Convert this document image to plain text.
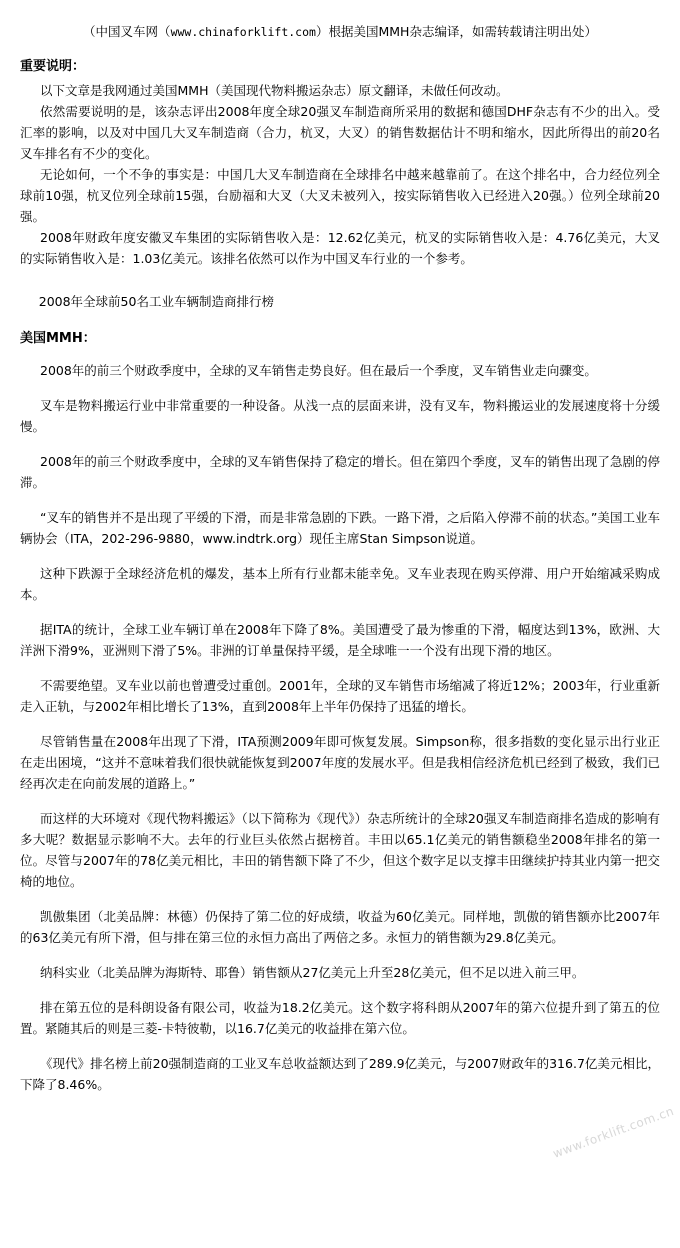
（中国叉车网（www.chinaforklift.com）根据美国MMH杂志编译，如需转载请注明出处）
重要说明：

以下文章是我网通过美国MMH（美国现代物料搬运杂志）原文翻译，未做任何改动。

依然需要说明的是，该杂志评出2008年度全球20强叉车制造商所采用的数据和德国DHF杂志有不少的出入。受汇率的影响，以及对中国几大叉车制造商（合力，杭叉，大叉）的销售数据估计不明和缩水，因此所得出的前20名叉车排名有不少的变化。

无论如何，一个不争的事实是：中国几大叉车制造商在全球排名中越来越靠前了。在这个排名中，合力经位列全球前10强，杭叉位列全球前15强，台励福和大叉（大叉未被列入，按实际销售收入已经进入20强。）位列全球前20强。

2008年财政年度安徽叉车集团的实际销售收入是：12.62亿美元，杭叉的实际销售收入是：4.76亿美元，大叉的实际销售收入是：1.03亿美元。该排名依然可以作为中国叉车行业的一个参考。

2008年全球前50名工业车辆制造商排行榜

美国MMH：

2008年的前三个财政季度中，全球的叉车销售走势良好。但在最后一个季度，叉车销售业走向骤变。

叉车是物料搬运行业中非常重要的一种设备。从浅一点的层面来讲，没有叉车，物料搬运业的发展速度将十分缓慢。

2008年的前三个财政季度中，全球的叉车销售保持了稳定的增长。但在第四个季度，叉车的销售出现了急剧的停滞。

“叉车的销售并不是出现了平缓的下滑，而是非常急剧的下跌。一路下滑，之后陷入停滞不前的状态。”美国工业车辆协会（ITA，202-296-9880，www.indtrk.org）现任主席Stan Simpson说道。

这种下跌源于全球经济危机的爆发，基本上所有行业都未能幸免。叉车业表现在购买停滞、用户开始缩减采购成本。

据ITA的统计，全球工业车辆订单在2008年下降了8%。美国遭受了最为惨重的下滑，幅度达到13%，欧洲、大洋洲下滑9%，亚洲则下滑了5%。非洲的订单量保持平缓，是全球唯一一个没有出现下滑的地区。

不需要绝望。叉车业以前也曾遭受过重创。2001年，全球的叉车销售市场缩减了将近12%；2003年，行业重新走入正轨，与2002年相比增长了13%，直到2008年上半年仍保持了迅猛的增长。

尽管销售量在2008年出现了下滑，ITA预测2009年即可恢复发展。Simpson称，很多指数的变化显示出行业正在走出困境，“这并不意味着我们很快就能恢复到2007年度的发展水平。但是我相信经济危机已经到了极致，我们已经再次走在向前发展的道路上。”

而这样的大环境对《现代物料搬运》（以下简称为《现代》）杂志所统计的全球20强叉车制造商排名造成的影响有多大呢？数据显示影响不大。去年的行业巨头依然占据榜首。丰田以65.1亿美元的销售额稳坐2008年排名的第一位。尽管与2007年的78亿美元相比，丰田的销售额下降了不少，但这个数字足以支撑丰田继续护持其业内第一把交椅的地位。

凯傲集团（北美品牌：林德）仍保持了第二位的好成绩，收益为60亿美元。同样地，凯傲的销售额亦比2007年的63亿美元有所下滑，但与排在第三位的永恒力高出了两倍之多。永恒力的销售额为29.8亿美元。

纳科实业（北美品牌为海斯特、耶鲁）销售额从27亿美元上升至28亿美元，但不足以进入前三甲。

排在第五位的是科朗设备有限公司，收益为18.2亿美元。这个数字将科朗从2007年的第六位提升到了第五的位置。紧随其后的则是三菱-卡特彼勒，以16.7亿美元的收益排在第六位。

《现代》排名榜上前20强制造商的工业叉车总收益额达到了289.9亿美元，与2007财政年的316.7亿美元相比，下降了8.46%。

www.forklift.com.cn
